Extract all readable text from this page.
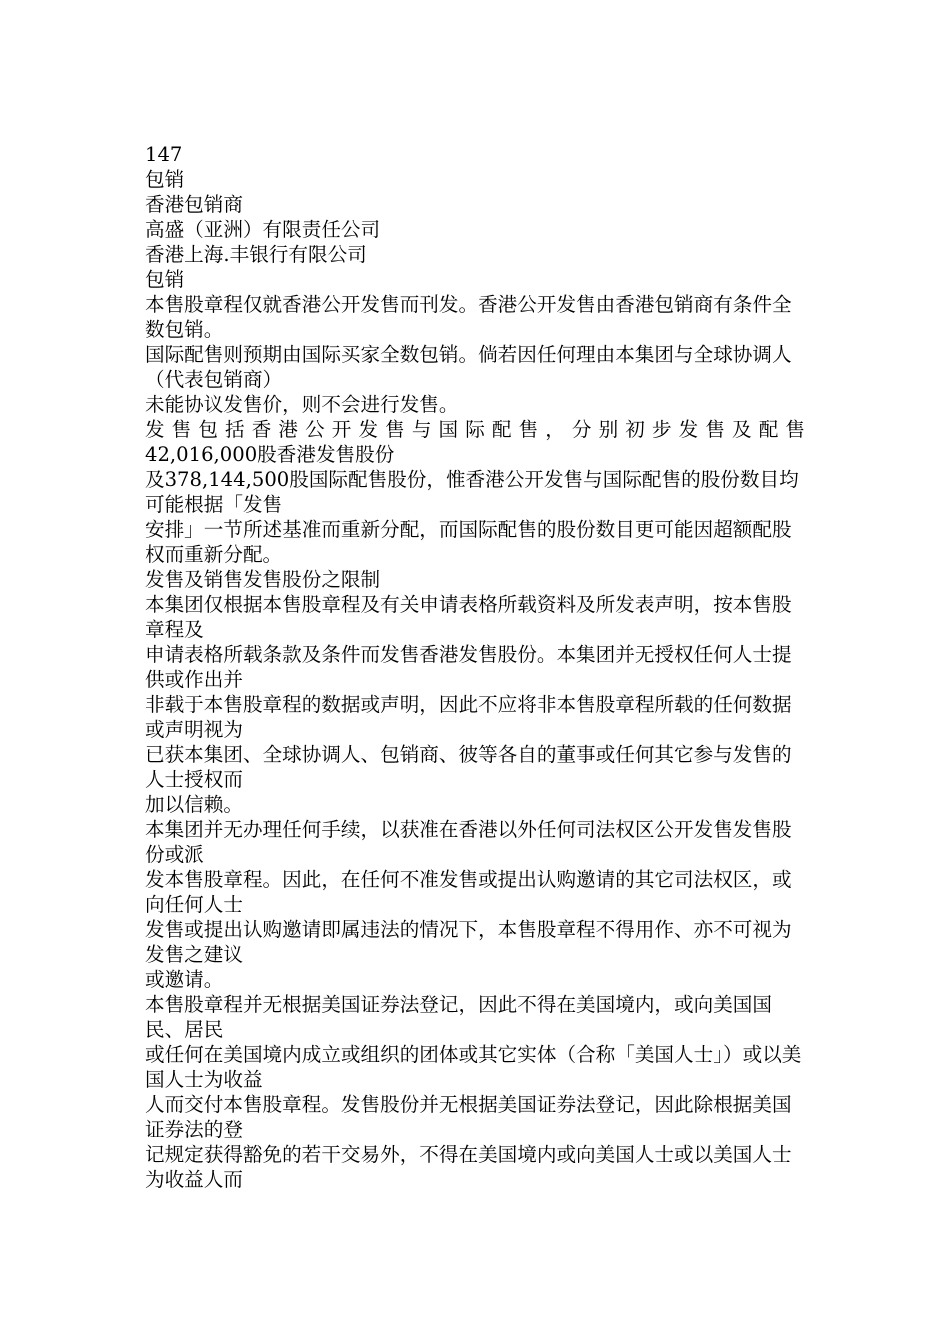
147

包销

香港包销商

高盛（亚洲）有限责任公司

香港上海.丰银行有限公司

包销

本售股章程仅就香港公开发售而刊发。香港公开发售由香港包销商有条件全数包销。

国际配售则预期由国际买家全数包销。倘若因任何理由本集团与全球协调人（代表包销商）

未能协议发售价，则不会进行发售。

发售包括香港公开发售与国际配售，分别初步发售及配售

42,016,000股香港发售股份

及378,144,500股国际配售股份，惟香港公开发售与国际配售的股份数目均可能根据「发售

安排」一节所述基准而重新分配，而国际配售的股份数目更可能因超额配股权而重新分配。

发售及销售发售股份之限制

本集团仅根据本售股章程及有关申请表格所载资料及所发表声明，按本售股章程及

申请表格所载条款及条件而发售香港发售股份。本集团并无授权任何人士提供或作出并

非载于本售股章程的数据或声明，因此不应将非本售股章程所载的任何数据或声明视为

已获本集团、全球协调人、包销商、彼等各自的董事或任何其它参与发售的人士授权而

加以信赖。

本集团并无办理任何手续，以获准在香港以外任何司法权区公开发售发售股份或派

发本售股章程。因此，在任何不准发售或提出认购邀请的其它司法权区，或向任何人士

发售或提出认购邀请即属违法的情况下，本售股章程不得用作、亦不可视为发售之建议

或邀请。

本售股章程并无根据美国证券法登记，因此不得在美国境内，或向美国国民、居民

或任何在美国境内成立或组织的团体或其它实体（合称「美国人士」）或以美国人士为收益

人而交付本售股章程。发售股份并无根据美国证券法登记，因此除根据美国证券法的登

记规定获得豁免的若干交易外，不得在美国境内或向美国人士或以美国人士为收益人而
